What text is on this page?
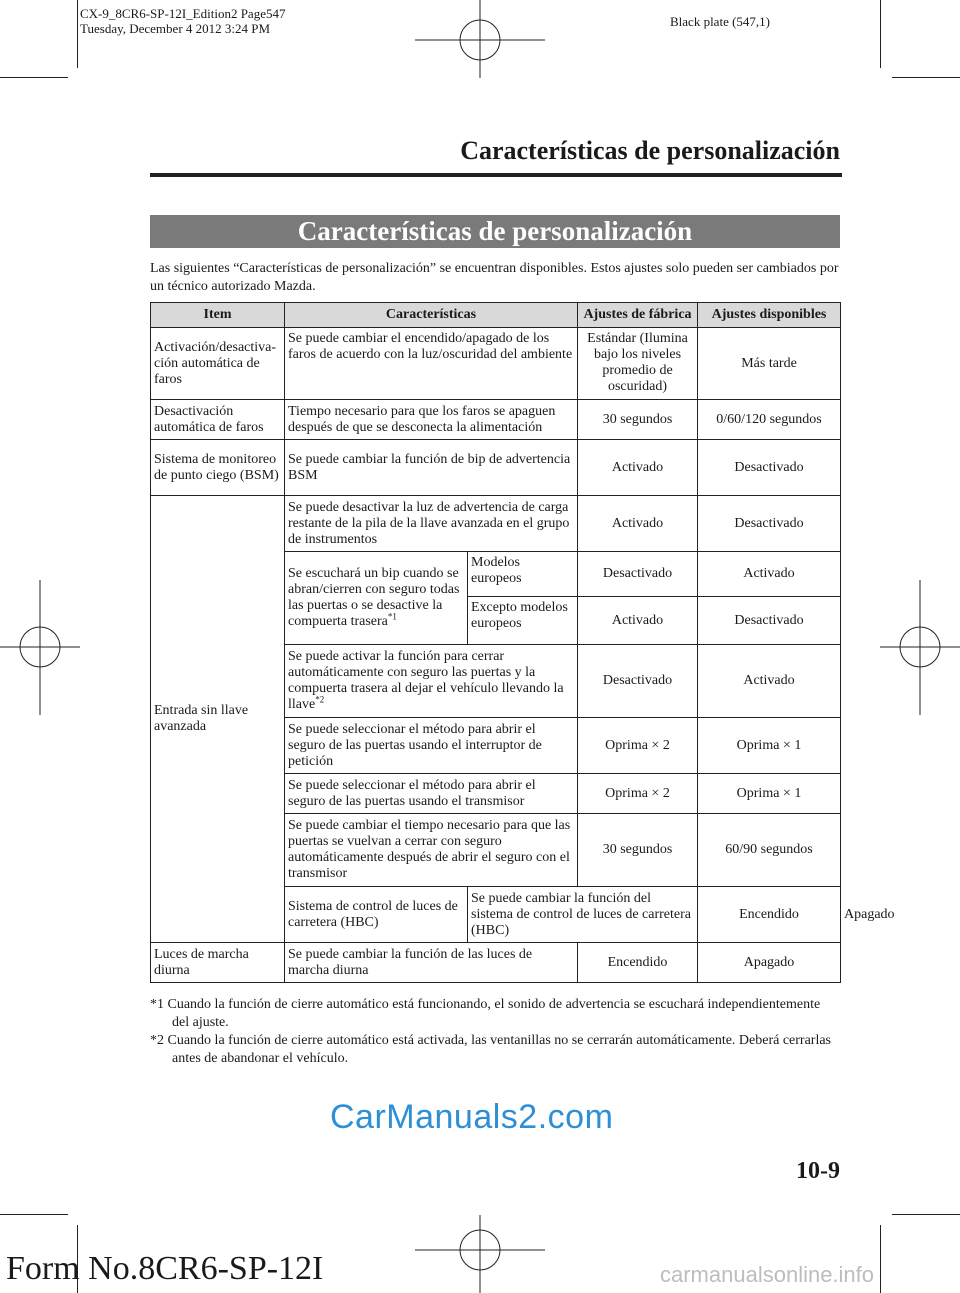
CX-9_8CR6-SP-12I_Edition2 Page547
Tuesday, December 4 2012 3:24 PM	Black plate (547,1)
Características de personalización
Características de personalización
Las siguientes “Características de personalización” se encuentran disponibles. Estos ajustes solo pueden ser cambiados por un técnico autorizado Mazda.
Item	Características		Ajustes de fábrica	Ajustes disponibles	
Activación/desactiva-ción automática de faros	Se puede cambiar el encendido/apagado de los faros de acuerdo con la luz/oscuridad del ambiente		Estándar (Ilumina bajo los niveles promedio de oscuridad)	Más tarde	
Desactivación automática de faros	Tiempo necesario para que los faros se apaguen después de que se desconecta la alimentación		30 segundos	0/60/120 segundos	
Sistema de monitoreo de punto ciego (BSM)	Se puede cambiar la función de bip de advertencia BSM		Activado	Desactivado	
Entrada sin llave avanzada	Se puede desactivar la luz de advertencia de carga restante de la pila de la llave avanzada en el grupo de instrumentos		Activado	Desactivado	
	Se escuchará un bip cuando se abran/cierren con seguro todas las puertas o se desactive la compuerta trasera$^{*1}$	Modelos europeos	Desactivado	Activado	
		Excepto modelos europeos	Activado	Desactivado	
	Se puede activar la función para cerrar automáticamente con seguro las puertas y la compuerta trasera al dejar el vehículo llevando la llave$^{*2}$		Desactivado	Activado	
	Se puede seleccionar el método para abrir el seguro de las puertas usando el interruptor de petición		Oprima × 2	Oprima × 1	
	Se puede seleccionar el método para abrir el seguro de las puertas usando el transmisor		Oprima × 2	Oprima × 1	
	Se puede cambiar el tiempo necesario para que las puertas se vuelvan a cerrar con seguro automáticamente después de abrir el seguro con el transmisor		30 segundos	60/90 segundos	
	Sistema de control de luces de carretera (HBC)	Se puede cambiar la función del sistema de control de luces de carretera (HBC)		Encendido	Apagado
Luces de marcha diurna	Se puede cambiar la función de las luces de marcha diurna		Encendido	Apagado	
*1 Cuando la función de cierre automático está funcionando, el sonido de advertencia se escuchará independientemente del ajuste.
*2 Cuando la función de cierre automático está activada, las ventanillas no se cerrarán automáticamente. Deberá cerrarlas antes de abandonar el vehículo.
CarManuals2.com
10-9
Form No.8CR6-SP-12I	carmanualsonline.info
